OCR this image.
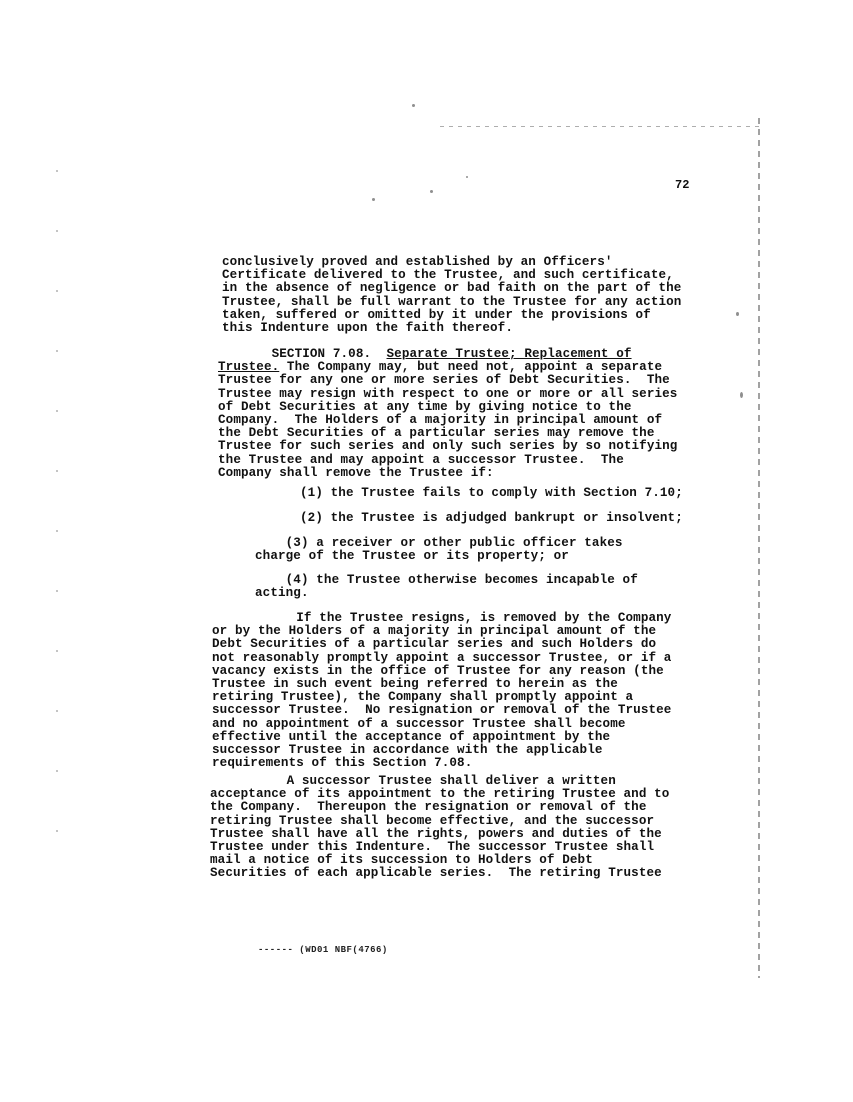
72
conclusively proved and established by an Officers'
Certificate delivered to the Trustee, and such certificate,
in the absence of negligence or bad faith on the part of the
Trustee, shall be full warrant to the Trustee for any action
taken, suffered or omitted by it under the provisions of
this Indenture upon the faith thereof.
SECTION 7.08. Separate Trustee; Replacement of
Trustee. The Company may, but need not, appoint a separate
Trustee for any one or more series of Debt Securities.  The
Trustee may resign with respect to one or more or all series
of Debt Securities at any time by giving notice to the
Company.  The Holders of a majority in principal amount of
the Debt Securities of a particular series may remove the
Trustee for such series and only such series by so notifying
the Trustee and may appoint a successor Trustee.  The
Company shall remove the Trustee if:
(1) the Trustee fails to comply with Section 7.10;
(2) the Trustee is adjudged bankrupt or insolvent;
(3) a receiver or other public officer takes
charge of the Trustee or its property; or
(4) the Trustee otherwise becomes incapable of
acting.
If the Trustee resigns, is removed by the Company
or by the Holders of a majority in principal amount of the
Debt Securities of a particular series and such Holders do
not reasonably promptly appoint a successor Trustee, or if a
vacancy exists in the office of Trustee for any reason (the
Trustee in such event being referred to herein as the
retiring Trustee), the Company shall promptly appoint a
successor Trustee.  No resignation or removal of the Trustee
and no appointment of a successor Trustee shall become
effective until the acceptance of appointment by the
successor Trustee in accordance with the applicable
requirements of this Section 7.08.
A successor Trustee shall deliver a written
acceptance of its appointment to the retiring Trustee and to
the Company.  Thereupon the resignation or removal of the
retiring Trustee shall become effective, and the successor
Trustee shall have all the rights, powers and duties of the
Trustee under this Indenture.  The successor Trustee shall
mail a notice of its succession to Holders of Debt
Securities of each applicable series.  The retiring Trustee
------ (WD01 NBF(4766)
